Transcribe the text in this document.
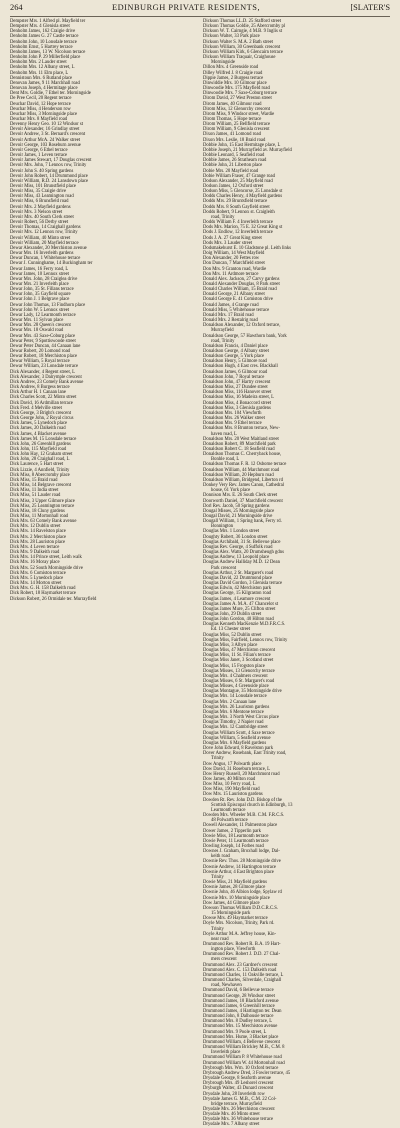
264	EDINBURGH PRIVATE RESIDENTS,	[SLATER'S
Dempster Mrs. 1 Alfred pl. Mayfield ter
Dempster Mrs. 4 Glenisla street
Denholm James, 162 Craigie drive
Denholm James G. 27 Castle terrace
Denholm John, 10 Lonsdale terrace
Denholm Ernst, 5 Hartrey terrace
Denholm James, 13 W. Nicolson terrace
Denholm John P. 29 Millerfield place
Denholm Mrs. 2 Lauder street
Denholm Mrs. 12 Albany street, L
Denholm Mrs. 11 Elm place, L
Dennistoun Mrs. 6 Rutland place
Denovan James, 9 11 Marchhall road
Denovan Joseph, 4 Hermitage place
Dent Mrs. Goldie, 7 Ethel ter. Morningside
De Pree Cecil, 20 Regent terrace
Deuchar David, 12 Hope terrace
Deuchar Miss, 4 Henderson row
Deuchar Miss, 3 Morningside place
Deuchar Mrs. 8 Mayfield road
Devenny Henry Geo. 10 12 Windsor st
Devoir Alexander, 16 Grindlay street
Devoir Andrew, 3 St. Bernard's crescent
Devoir Arthur McA. 24 Walker street
Devoir George, 103 Roseburn avenue
Devoir George, 6 Ethel terrace
Devoir James, 1 Leven terrace
Devoir James Stewart, 17 Douglas crescent
Devoir Mrs. John, 7 Lennox row, Trinity
Devoir John S. 40 Spring gardens
Devoir John Robert, 14 Drummond place
Devoir William, R.D. 24 Lansdown place
Devoir Miss, 101 Brunstfield place
Devoir Miss, 35 Craigie drive
Devoir Miss, 43 Leamington road
Devoir Miss, 6 Brunsfield road
Devoir Mrs. 2 Mayfield gardens
Devoir Mrs. 3 Nelson street
Devoir Mrs. 40 South Clerk street
Devoir Robert, 56 Derby street
Devoir Thomas, 14 Craighall gardens
Devoir Mrs. 12 Lennox row, Trinity
Devoir William, 40 Minto street
Devoir William, 20 Mayfield terrace
Dewar Alexander, 20 Merchiston avenue
Dewar Mrs. 16 Inverleith gardens
Dewar Duncan, 1 Whitehouse terrace
Dewar J. Cunninghame, 14 Buckingham ter
Dewar James, 16 Ferry road, L
Dewar James, 10 Lennox street
Dewar Mrs. John, 28 Craiglea drive
Dewar Mrs. 21 Inverleith place
Dewar John, 35 St. Fillans terrace
Dewar John, 35 Gayfield square
Dewar John J. 1 Belgrave place
Dewar John Thomas, 13 Findhorn place
Dewar John W. 5 Lennox street
Dewar Lady, 12 Learmonth terrace
Dewar Mrs. 11 Sylvan place
Dewar Mrs. 28 Queen's crescent
Dewar Mrs. 18 Oswald road
Dewar Mrs. 43 Saxe-Coburg place
Dewar Peter, 9 Spottiswoode street
Dewar Peter Duncan, 44 Canaan lane
Dewar Robert, 20 Lomond road
Dewar Robert, 18 Merchiston place
Dewar William, 5 Royal terrace
Dewar William, 23 Lonsdale terrace
Dick Alexander, 4 Regent street, L
Dick Alexander, 3 Dalrymple crescent
Dick Andrew, 23 Comely Bank avenue
Dick Andrew, 8 Burgess terrace
Dick Arthur H. 1 Canaan lane
Dick Charles Scott, 22 Minto street
Dick David, 16 Ardmillan terrace
Dick Fred. 4 Melville street
Dick George, 3 Bright's crescent
Dick George John, 2 Royal circus
Dick James, 5 Lynedoch place
Dick James, 20 Dalkeith road
Dick James, 4 Blacket avenue
Dick James M. 15 Lonsdale terrace
Dick John, 26 Greenhill gardens
Dick John, 115 Mayfield road
Dick John Hay, 12 Graham street
Dick John, 28 Craighall road, L
Dick Laurence, 5 Hart street
Dick Lizzie, 4 Annfield, Trinity
Dick Miss, 8 Abercromby place
Dick Miss, 15 Braid road
Dick Miss, 14 Belgrave crescent
Dick Miss, 11 India street
Dick Miss, 51 Lauder road
Dick Miss, 3 Upper Gilmore place
Dick Miss, 25 Leamington terrace
Dick Miss, 18 Cluny gardens
Dick Miss, 11 Mortonhall road
Dick Mrs. 63 Comely Bank avenue
Dick Mrs. 12 Dublin street
Dick Mrs. 14 Ravelston place
Dick Mrs. 2 Merchiston place
Dick Mrs. 28 Lauriston place
Dick Mrs. 4 Leven terrace
Dick Mrs. 9 Dalkeith road
Dick Mrs. 14 Prince street, Leith walk
Dick Mrs. 16 Moray place
Dick Mrs. 52 South Morningside drive
Dick Mrs. 6 Comiston terrace
Dick Mrs. 5 Lynedoch place
Dick Mrs. 14 Morton street
Dick Mrs. G. H. 158 Dalkeith road
Dick Robert, 18 Haymarket terrace
Dickson Robert, 26 Ormidale ter. Murrayfield
Dickson Thomas LL.D. 25 Stafford street
Dickson Thomas Goldie, 25 Abercromby pl
Dickson W. T. Cairngie, 4 M.B. 9 Inglis st
Dickson Walter, 33 Park place
Dickson Walter S. M.A. 2 Bath street
Dickson William, 30 Greenbank crescent
Dickson William Kirk, 6 Glencairn terrace
Dickson William Traquair, Craighouse
Morningside
Dillon Mrs. 4 Greenside road
Dilley Wilfred J. 8 Craigie road
Dippie James, 2 Burgess terrace
Dinwiddie Mrs. 10 Gilmour place
Dinwoodie Mrs. 175 Mayfield road
Dinwoodie Mrs. 7 Saxe-Coburg terrace
Dirom David, 27 West Preston street
Dirom James, 40 Gilmour road
Dirom Miss, 12 Glenorchy crescent
Dirom Miss, 9 Windsor street, Wardie
Dirom Thomas, 5 Hope terrace
Dirom William, 25 Bellfield terrace
Dirom William, 9 Glenisla crescent
Dixon James, 41 Lomond road
Dixon Mrs. Leslie, 18 Braid road
Dobbie John, 15 East Hermitage place, L
Dobbie Joseph, 21 Murrayfield av. Murrayfield
Dobbie Leonard, 5 Seafield road
Dobbie James, 26 Strathearn road
Dobbie John, 21 Liberton place
Dobie Mrs. 20 Mayfield road
Dobie William Fraser, 47 Grange road
Dodson Alexander, 25 Mayfield road
Dodson James, 12 Oxford street
Dodson Miss, 5 Glencorse, 25 Lonsdale st
Dodds Charles Henry, 4 Mayfield gardens
Dodds Mrs. 29 Bruntsfield terrace
Dodds Mrs. 8 South Gayfield street
Dodds Robert, 9 Lennox st. Craigleith
road, Trinity
Dodds William F. 4 Inverleith terrace
Dods Mrs. Marion, 75 E. 32 Great King st
Dods J. Endlow, 12 Inverleith terrace
Dods J. A. 27 Great King street
Dods Mrs. 3 Lauder street
Dodsmakehurst E. 10 Gladstone pl. Leith links
Doig William, 14 West Mayfield
Don Alexander, 20 Fettes row
Don Duncan, 7 Marchfield street
Don Mrs. 9 Granton road, Wardie
Don Mrs. 11 Ardmore terrace
Donald Alex. Jackson, 27 Carvy gardens
Donald Alexander Douglas, 8 Park street
Donald Charles William, 15 Braid road
Donald George, 21 Albany street
Donald George E. 41 Comiston drive
Donald James, 4 Grange road
Donald Miss, 5 Whitehouse terrace
Donald Mrs. 17 Braid road
Donald Mrs. 2 Restalrig road
Donaldson Alexander, 12 Oxford terrace,
Murrayfield
Donaldson George, 57 Hawthorn bank, York
road, Trinity
Donaldson Francis, 4 Daniel place
Donaldson George, 4 Albany street
Donaldson George, 5 York place
Donaldson Henry, 5 Gilmore road
Donaldson Hugh, 4 East cres. Blackhall
Donaldson James, 6 Gilmour road
Donaldson John, 7 Royal terrace
Donaldson John, 47 Hartry crescent
Donaldson Miss, 27 Dundee street
Donaldson Miss, 116 Hanover street
Donaldson Miss, 16 Madeira street, L
Donaldson Miss, 4 Bonaccord street
Donaldson Miss, 3 Glenisla gardens
Donaldson Mrs. 104 Viewforth
Donaldson Mrs. 26 Walker street
Donaldson Mrs. 9 Ethel terrace
Donaldson Mrs. 8 Brunton terrace, New-
haven road, L
Donaldson Mrs. 20 West Maitland street
Donaldson Robert, 89 Marchfield park
Donaldson Robert C. 18 Seafield road
Donaldson Thomas C. Cherryback house,
Bonhle road, L
Donaldson Thomas F. R. 12 Osborne terrace
Donaldson William, 44 Marchmont road
Donaldson William, 20 Hepburn road
Donaldson William, Bridgend, Liberton rd
Donkey Very Rev. James Canon, Cathedral
house, 61 York place
Donnison Mrs. E. 26 South Clerk street
Doorworth Daniel, 37 Marchfield crescent
Dorl Rev. Jacob, 50 Spring gardens
Dougal Misses, 25 Morningside place
Dougal David, 21 Morningside drive
Dougall William, 1 Spring bank, Ferry rd.
Bonnington
Douglas Mrs. 1 London street
Doughty Robert, 36 London street
Douglas Archibald, 31 St. Bellevue place
Douglas Rev. George, 4 Suffolk road
Douglas Alex. Watts, 20 Drumsheugh gdns
Douglas Andrew, 13 Leopold place
Douglas Andrew Halliday M.D. 12 Dean
Park crescent
Douglas Arthur, 2 St. Margaret's road
Douglas David, 22 Drummond place
Douglas David Gordon, 3 Glenisla terrace
Douglas Edwin, 42 Merchiston park
Douglas George, 15 Kilgraston road
Douglas James, 4 Leamore crescent
Douglas James A. M.A. 47 Chancelot st
Douglas James Mure, 25 Clifton street
Douglas John, 29 Dublin street
Douglas John Gordon, 40 Hilton road
Douglas Kenneth MacKenzie M.D.F.R.C.S.
Ed. 13 Chester street
Douglas Miss, 52 Dublin street
Douglas Miss, Fairfield, Lennox row, Trinity
Douglas Miss, 3 Albyn place
Douglas Miss, 47 Merchiston crescent
Douglas Miss, 11 St. Filian's terrace
Douglas Miss Janet, 3 Scotland street
Douglas Miss, 15 Frogston place
Douglas Misses, 13 Glenorchy terrace
Douglas Mrs. 4 Chalmers crescent
Douglas Misses, 6 St. Margaret's road
Douglas Misses, 4 Greenside place
Douglas Montague, 35 Morningside drive
Douglas Mrs. 14 Lonsdale terrace
Douglas Mrs. 2 Canaan lane
Douglas Mrs. 26 Lauriston gardens
Douglas Mrs. 6 Mentone terrace
Douglas Mrs. 3 North West Circus place
Douglas Timothy, 2 Napier road
Douglas Mrs. 12 Cambridge street
Douglas William Scott, 4 Saxe terrace
Douglas William, 5 Seafield avenue
Douglas Mrs. 6 Mayfield gardens
Dove John Edward, 8 Ravelston park
Dover Andrew, Rosebank, East Trinity road,
Trinity
Dow Angus, 17 Polwarth place
Dow David, 31 Roseburn terrace, L
Dow Henry Russell, 20 Marchmont road
Dow James, 40 Milton road
Dow Miss, 10 Ferry road, L
Dow Miss, 190 Mayfield road
Dow Mrs. 15 Lauriston gardens
Dowden Rt. Rev. John D.D. Bishop of the
Scottish Episcopal church in Edinburgh, 13
Learmonth terrace
Dowden Mrs. Wheeler M.B. C.M. F.R.C.S.
48 Polwarth terrace
Dowell Alexander, 11 Palmerston place
Dower James, 2 Tipperlin park
Dowie Miss, 18 Learmonth terrace
Dowie Peter, 11 Learmonth terrace
Dowling Joseph, 14 Forbes road
Downes J. Graham, Broxhall lodge, Dal-
keith road
Downie Rev. Thos. 28 Morningside drive
Downie Andrew, 14 Hartington terrace
Downie Arthur, 4 East Brighton place
Trinity
Dowie Miss, 21 Mayfield gardens
Downie James, 28 Gilmore place
Downie John, 46 Albion lodge, Spylaw rd
Downie Mrs. 10 Morningside place
Dow James, 44 Gilmore place
Dowson Thomas William D.D.C.R.C.S.
15 Morningside park
Dowse Mrs. 49 Haymarket terrace
Doyle Mrs. Nicolson, Trinity, Park rd.
Trinity
Doyle Arthur M.A. Jeffrey house, Kin-
near road
Drummond Rev. Robert R. B.A. 19 Hart-
ington place, Viewforth
Drummond Rev. Robert J. D.D. 27 Chal-
mers crescent
Drummond Alex. 23 Gardner's crescent
Drummond Alex. C. 153 Dalkeith road
Drummond Charles, 11 Oakville terrace, L
Drummond Charles, Silverdale, Craighall
road, Newhaven
Drummond David, 6 Bellevue terrace
Drummond George, 28 Windsor street
Drummond James, 10 Blackford avenue
Drummond James, 6 Greenhill terrace
Drummond James, 4 Hartington ter. Dean
Drummond John, 8 Dalhousie terrace
Drummond Mrs. 8 Dudley terrace, L
Drummond Mrs. 15 Merchiston avenue
Drummond Mrs. 9 Poole street, L
Drummond Mrs. Hume, 3 Blacket place
Drummond William, 4 Bellevue crescent
Drummond William Brickley M.B., C.M. 8
Inverleith place
Drummond William P. 8 Whitehouse road
Drummond William W. 44 Mortonhall road
Drybrough Mrs. Wm. 10 Oxford terrace
Drybrough Andrew Dred, 3 Fowler terrace, 45
Drysdale George, 8 Seaforth avenue
Drybrough Mrs. 49 Leshorel crescent
Dryburgh Walter, 43 Dunard crescent
Drysdale John, 28 Inverleith row
Drysdale James G. M.B., C.M. 22 Col-
bridge terrace, Murrayfield
Drysdale Mrs. 26 Merchiston crescent
Drysdale Mrs. 46 Minto street
Drysdale Mrs. 36 Whitehouse terrace
Drysdale Mrs. 7 Albany street
